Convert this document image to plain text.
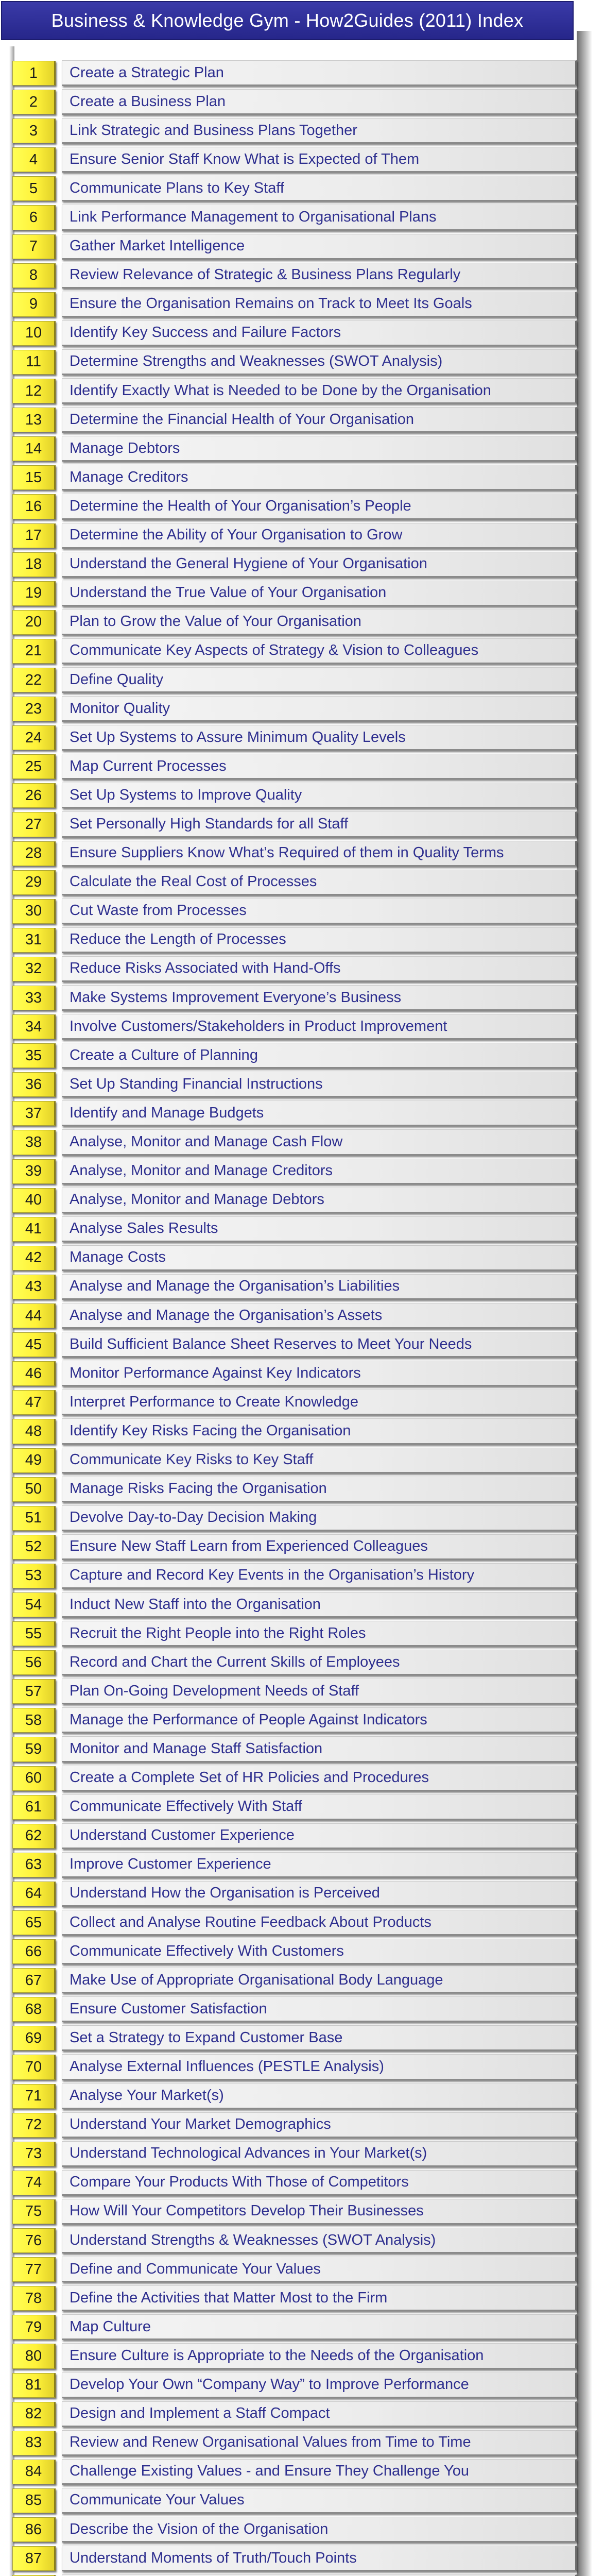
Business & Knowledge Gym - How2Guides (2011) Index
1 Create a Strategic Plan
2 Create a Business Plan
3 Link Strategic and Business Plans Together
4 Ensure Senior Staff Know What is Expected of Them
5 Communicate Plans to Key Staff
6 Link Performance Management to Organisational Plans
7 Gather Market Intelligence
8 Review Relevance of Strategic & Business Plans Regularly
9 Ensure the Organisation Remains on Track to Meet Its Goals
10 Identify Key Success and Failure Factors
11 Determine Strengths and Weaknesses (SWOT Analysis)
12 Identify Exactly What is Needed to be Done by the Organisation
13 Determine the Financial Health of Your Organisation
14 Manage Debtors
15 Manage Creditors
16 Determine the Health of Your Organisation’s People
17 Determine the Ability of Your Organisation to Grow
18 Understand the General Hygiene of Your Organisation
19 Understand the True Value of Your Organisation
20 Plan to Grow the Value of Your Organisation
21 Communicate Key Aspects of Strategy & Vision to Colleagues
22 Define Quality
23 Monitor Quality
24 Set Up Systems to Assure Minimum Quality Levels
25 Map Current Processes
26 Set Up Systems to Improve Quality
27 Set Personally High Standards for all Staff
28 Ensure Suppliers Know What’s Required of them in Quality Terms
29 Calculate the Real Cost of Processes
30 Cut Waste from Processes
31 Reduce the Length of Processes
32 Reduce Risks Associated with Hand-Offs
33 Make Systems Improvement Everyone’s Business
34 Involve Customers/Stakeholders in Product Improvement
35 Create a Culture of Planning
36 Set Up Standing Financial Instructions
37 Identify and Manage Budgets
38 Analyse, Monitor and Manage Cash Flow
39 Analyse, Monitor and Manage Creditors
40 Analyse, Monitor and Manage Debtors
41 Analyse Sales Results
42 Manage Costs
43 Analyse and Manage the Organisation’s Liabilities
44 Analyse and Manage the Organisation’s Assets
45 Build Sufficient Balance Sheet Reserves to Meet Your Needs
46 Monitor Performance Against Key Indicators
47 Interpret Performance to Create Knowledge
48 Identify Key Risks Facing the Organisation
49 Communicate Key Risks to Key Staff
50 Manage Risks Facing the Organisation
51 Devolve Day-to-Day Decision Making
52 Ensure New Staff Learn from Experienced Colleagues
53 Capture and Record Key Events in the Organisation’s History
54 Induct New Staff into the Organisation
55 Recruit the Right People into the Right Roles
56 Record and Chart the Current Skills of Employees
57 Plan On-Going Development Needs of Staff
58 Manage the Performance of People Against Indicators
59 Monitor and Manage Staff Satisfaction
60 Create a Complete Set of HR Policies and Procedures
61 Communicate Effectively With Staff
62 Understand Customer Experience
63 Improve Customer Experience
64 Understand How the Organisation is Perceived
65 Collect and Analyse Routine Feedback About Products
66 Communicate Effectively With Customers
67 Make Use of Appropriate Organisational Body Language
68 Ensure Customer Satisfaction
69 Set a Strategy to Expand Customer Base
70 Analyse External Influences (PESTLE Analysis)
71 Analyse Your Market(s)
72 Understand Your Market Demographics
73 Understand Technological Advances in Your Market(s)
74 Compare Your Products With Those of Competitors
75 How Will Your Competitors Develop Their Businesses
76 Understand Strengths & Weaknesses (SWOT Analysis)
77 Define and Communicate Your Values
78 Define the Activities that Matter Most to the Firm
79 Map Culture
80 Ensure Culture is Appropriate to the Needs of the Organisation
81 Develop Your Own “Company Way” to Improve Performance
82 Design and Implement a Staff Compact
83 Review and Renew Organisational Values from Time to Time
84 Challenge Existing Values - and Ensure They Challenge You
85 Communicate Your Values
86 Describe the Vision of the Organisation
87 Understand Moments of Truth/Touch Points
